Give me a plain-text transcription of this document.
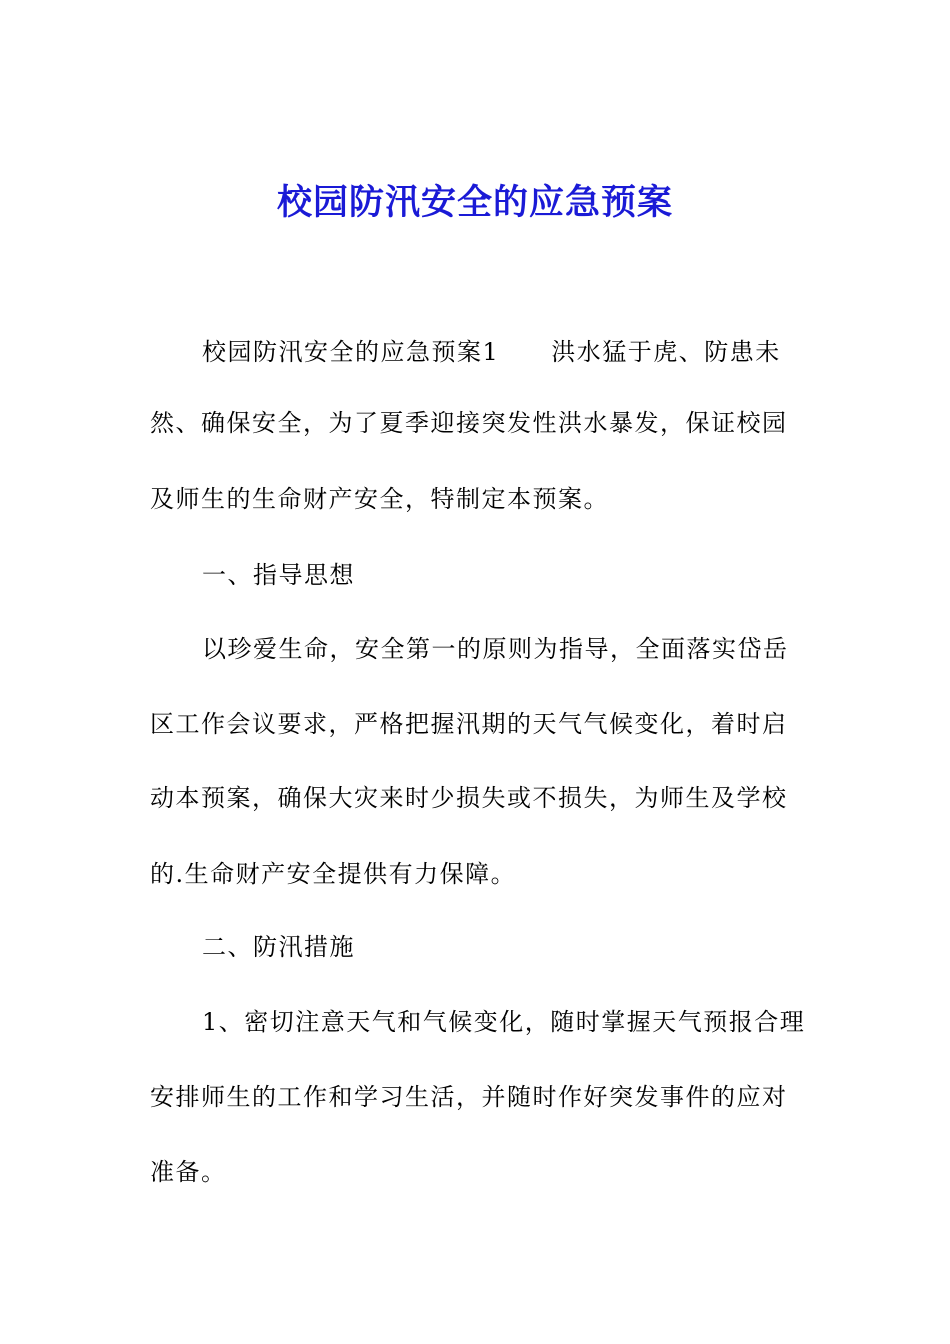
校园防汛安全的应急预案
校园防汛安全的应急预案1 洪水猛于虎、防患未
然、确保安全，为了夏季迎接突发性洪水暴发，保证校园
及师生的生命财产安全，特制定本预案。
一、指导思想
以珍爱生命，安全第一的原则为指导，全面落实岱岳
区工作会议要求，严格把握汛期的天气气候变化，着时启
动本预案，确保大灾来时少损失或不损失，为师生及学校
的.生命财产安全提供有力保障。
二、防汛措施
1、密切注意天气和气候变化，随时掌握天气预报合理
安排师生的工作和学习生活，并随时作好突发事件的应对
准备。
